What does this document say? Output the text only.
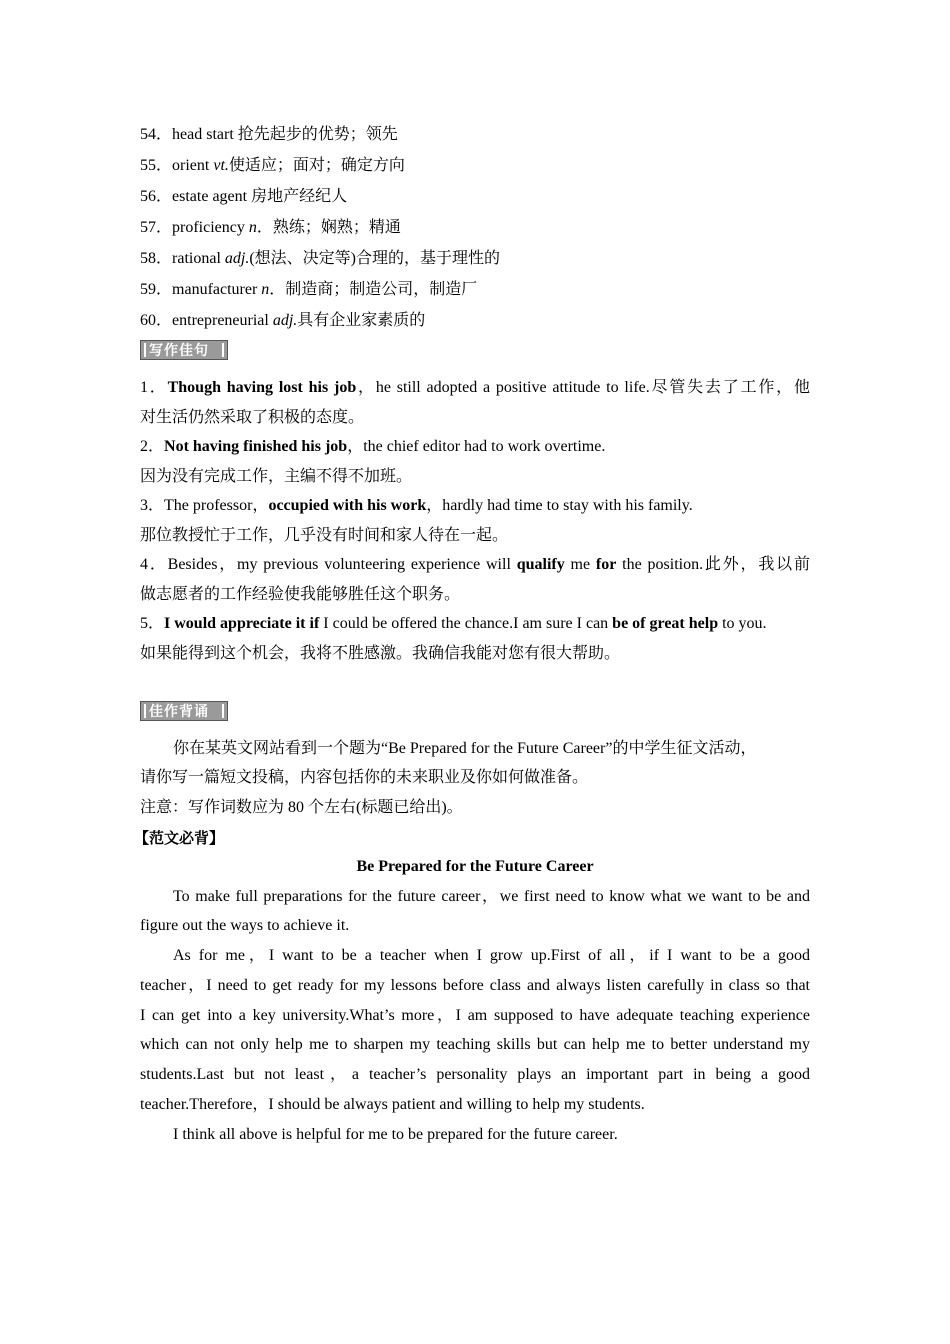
54．head start 抢先起步的优势；领先
55．orient vt.使适应；面对；确定方向
56．estate agent 房地产经纪人
57．proficiency n．熟练；娴熟；精通
58．rational adj.(想法、决定等)合理的，基于理性的
59．manufacturer n．制造商；制造公司，制造厂
60．entrepreneurial adj.具有企业家素质的
写作佳句
1．Though having lost his job，he still adopted a positive attitude to life.尽管失去了工作，他
对生活仍然采取了积极的态度。
2．Not having finished his job，the chief editor had to work overtime.
因为没有完成工作，主编不得不加班。
3．The professor，occupied with his work，hardly had time to stay with his family.
那位教授忙于工作，几乎没有时间和家人待在一起。
4．Besides，my previous volunteering experience will qualify me for the position.此外，我以前
做志愿者的工作经验使我能够胜任这个职务。
5．I would appreciate it if I could be offered the chance.I am sure I can be of great help to you.
如果能得到这个机会，我将不胜感激。我确信我能对您有很大帮助。
佳作背诵
你在某英文网站看到一个题为“Be Prepared for the Future Career”的中学生征文活动，
请你写一篇短文投稿，内容包括你的未来职业及你如何做准备。
注意：写作词数应为 80 个左右(标题已给出)。
【范文必背】
Be Prepared for the Future Career
To make full preparations for the future career，we first need to know what we want to be and
figure out the ways to achieve it.
As for me，I want to be a teacher when I grow up.First of all，if I want to be a good
teacher，I need to get ready for my lessons before class and always listen carefully in class so that
I can get into a key university.What’s more，I am supposed to have adequate teaching experience
which can not only help me to sharpen my teaching skills but can help me to better understand my
students.Last but not least，a teacher’s personality plays an important part in being a good
teacher.Therefore，I should be always patient and willing to help my students.
I think all above is helpful for me to be prepared for the future career.
